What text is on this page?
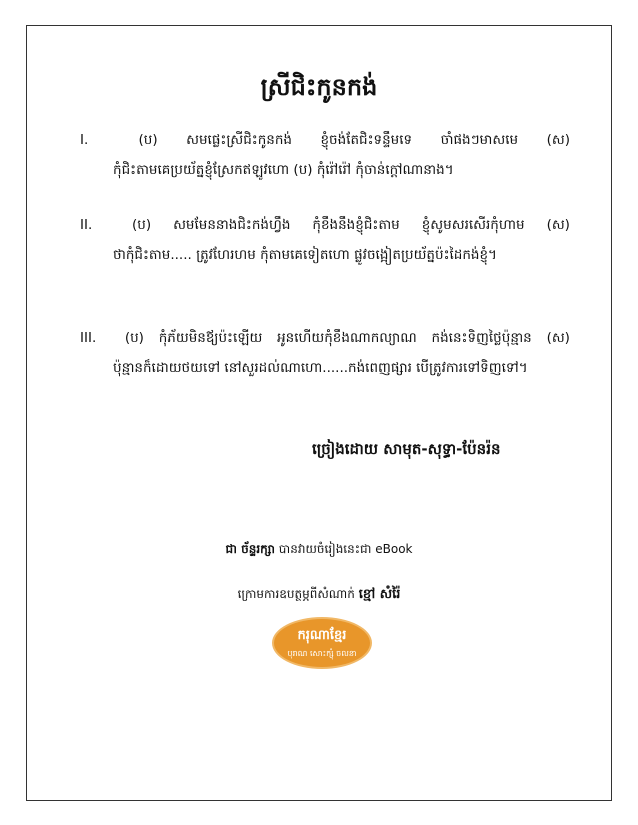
ស្រីជិះកូនកង់
I.	(ប) សមផ្លេះស្រីជិះកូនកង់ ខ្ញុំចង់តែជិះទន្ទឹមទេ ចាំផងៗមាសមេ (ស)
កុំជិះតាមគេប្រយ័ត្នខ្ញុំស្រែកឥឡូវហោ (ប) កុំរ៉ៅរ៉ៅ កុំចាន់ក្តៅណានាង។
II.	(ប) សមមែននាងជិះកង់ហ្វឹង កុំខឹងនឹងខ្ញុំជិះតាម ខ្ញុំសូមសរសើរកុំហាម (ស)
ថាកុំជិះតាម..... ត្រូវហែរហម កុំតាមគេទៀតហោ ផ្លូវចង្អៀតប្រយ័ត្នប៉ះដៃកង់ខ្ញុំ។
III.	(ប) កុំភ័យមិនឪ្យប៉ះឡើយ អូនហើយកុំខឹងណាកល្យាណ កង់នេះទិញថ្លៃប៉ុន្មាន (ស)
ប៉ុន្មានក៏ដោយថយទៅ នៅសួរដល់ណាហោ......កង់ពេញផ្សារ បើត្រូវការទៅទិញទៅ។
ច្រៀងដោយ សាមុត-សុទ្ធា-ប៉ែនរ៉ន
ជា ច័ន្ទរក្សា បានវាយចំរៀងនេះជា eBook
ក្រោមការឧបត្ថម្ភពីសំណាក់ ខ្មៅ សំរ៉ៃ
ករុណាខ្មែរ
បុរាណ សោះក្សុំ ចលនា
